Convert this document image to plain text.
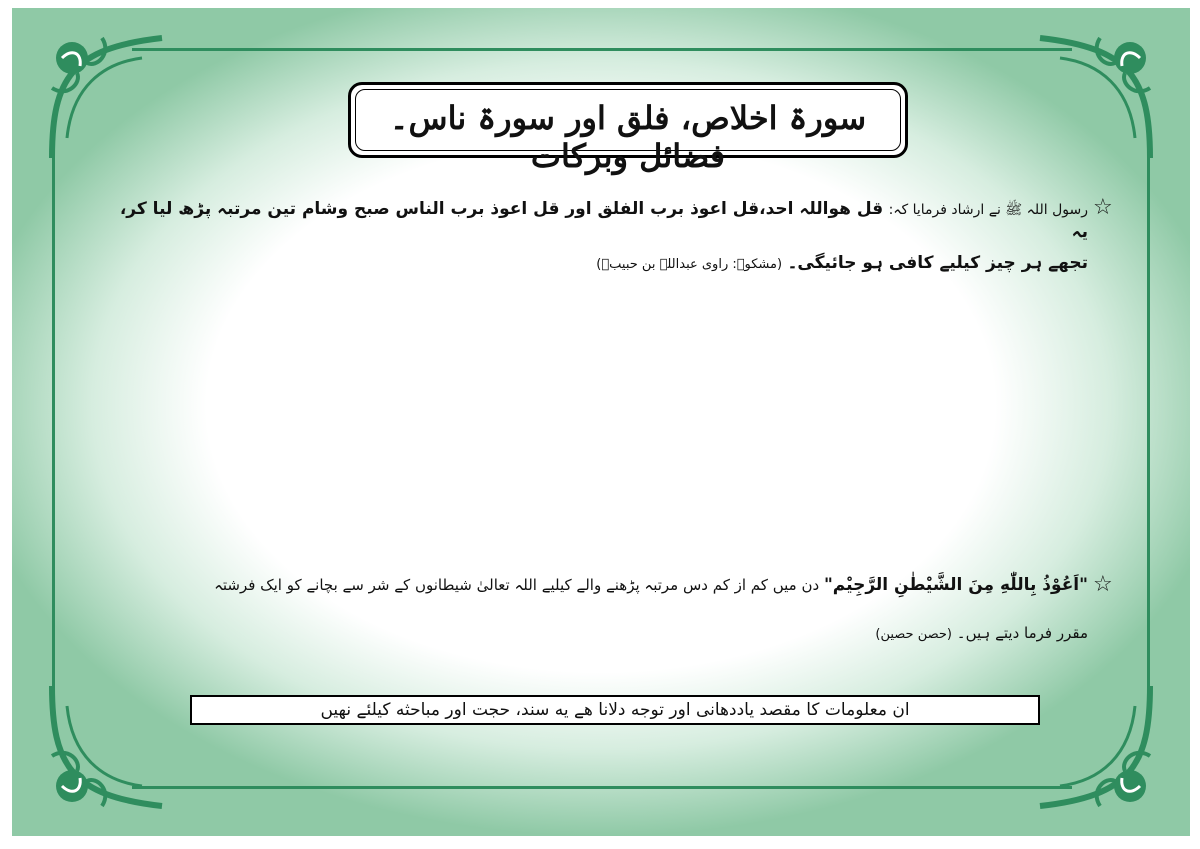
سورۃ اخلاص، فلق اور سورۃ ناس۔فضائل وبرکات
☆
رسول اللہ ﷺ نے ارشاد فرمایا کہ: قل ھواللہ احد،قل اعوذ برب الفلق اور قل اعوذ برب الناس صبح وشام تین مرتبہ پڑھ لیا کر، یہ
تجھے ہر چیز کیلیے کافی ہو جائیگی۔ (مشکوۃ: راوی عبداللہ بن حبیبؓ)
☆
"اَعُوْذُ بِاللّٰهِ مِنَ الشَّيْطٰنِ الرَّجِيْم" دن میں کم از کم دس مرتبہ پڑھنے والے کیلیے اللہ تعالیٰ شیطانوں کے شر سے بچانے کو ایک فرشتہ
مقرر فرما دیتے ہیں۔ (حصن حصین)
ان معلومات کا مقصد یاددھانی اور توجه دلانا ھے یه سند، حجت اور مباحثه کیلئے نهیں
